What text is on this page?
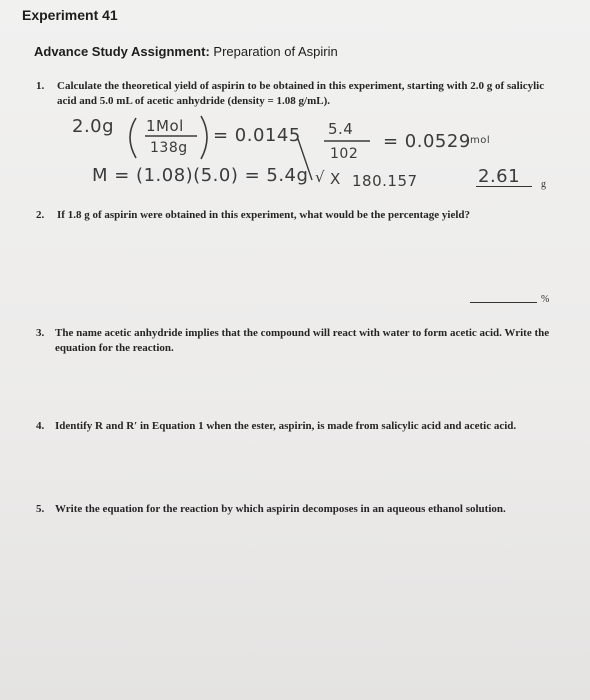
Experiment 41
Advance Study Assignment: Preparation of Aspirin
1.	Calculate the theoretical yield of aspirin to be obtained in this experiment, starting with 2.0 g of salicylic
acid and 5.0 mL of acetic anhydride (density = 1.08 g/mL).
2.0g 1Mol
138g
= 0.0145 5.4
102
= 0.0529 mol
M = (1.08)(5.0) = 5.4g √ X 180.157	2.61 g
2.	If 1.8 g of aspirin were obtained in this experiment, what would be the percentage yield?
%
3. The name acetic anhydride implies that the compound will react with water to form acetic acid. Write the
equation for the reaction.
4. Identify R and R′ in Equation 1 when the ester, aspirin, is made from salicylic acid and acetic acid.
5. Write the equation for the reaction by which aspirin decomposes in an aqueous ethanol solution.
